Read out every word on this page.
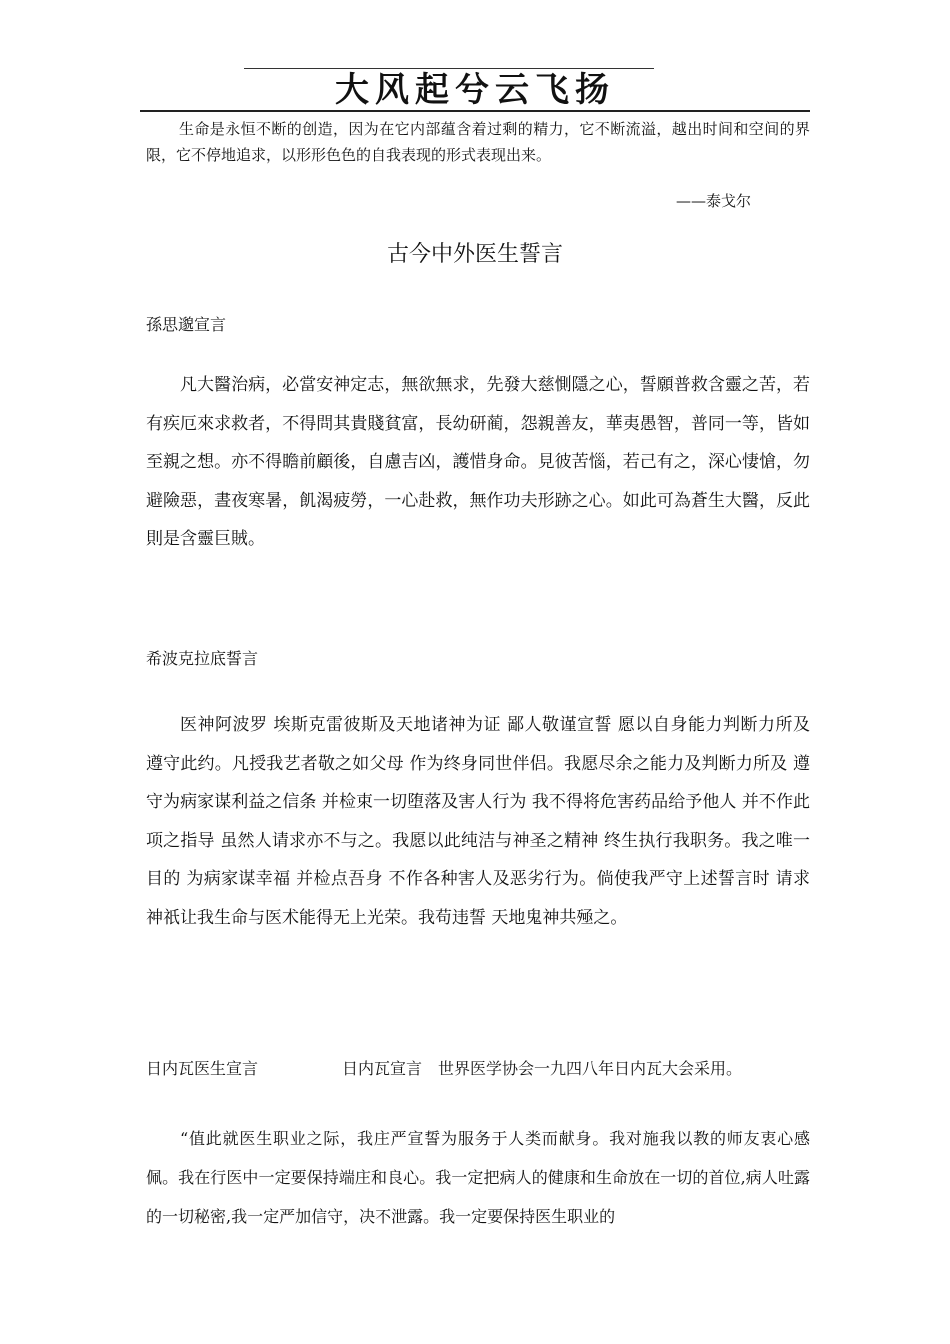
大风起兮云飞扬
生命是永恒不断的创造，因为在它内部蕴含着过剩的精力，它不断流溢，越出时间和空间的界限，它不停地追求，以形形色色的自我表现的形式表现出来。
——泰戈尔
古今中外医生誓言
孫思邈宣言
凡大醫治病，必當安神定志，無欲無求，先發大慈惻隱之心，誓願普救含靈之苦，若有疾厄來求救者，不得問其貴賤貧富，長幼研蔺，怨親善友，華夷愚智，普同一等，皆如至親之想。亦不得瞻前顧後，自慮吉凶，護惜身命。見彼苦惱，若己有之，深心悽愴，勿避險惡，晝夜寒暑，飢渴疲勞，一心赴救，無作功夫形跡之心。如此可為蒼生大醫，反此則是含靈巨賊。
希波克拉底誓言
医神阿波罗 埃斯克雷彼斯及天地诸神为证 鄙人敬谨宣誓 愿以自身能力判断力所及 遵守此约。凡授我艺者敬之如父母 作为终身同世伴侣。我愿尽余之能力及判断力所及 遵守为病家谋利益之信条 并检束一切堕落及害人行为 我不得将危害药品给予他人 并不作此项之指导 虽然人请求亦不与之。我愿以此纯洁与神圣之精神 终生执行我职务。我之唯一目的 为病家谋幸福 并检点吾身 不作各种害人及恶劣行为。倘使我严守上述誓言时 请求神祇让我生命与医术能得无上光荣。我苟违誓 天地鬼神共殛之。
日内瓦医生宣言	日内瓦宣言　世界医学协会一九四八年日内瓦大会采用。
“值此就医生职业之际，我庄严宣誓为服务于人类而献身。我对施我以教的师友衷心感佩。我在行医中一定要保持端庄和良心。我一定把病人的健康和生命放在一切的首位,病人吐露的一切秘密,我一定严加信守，决不泄露。我一定要保持医生职业的
